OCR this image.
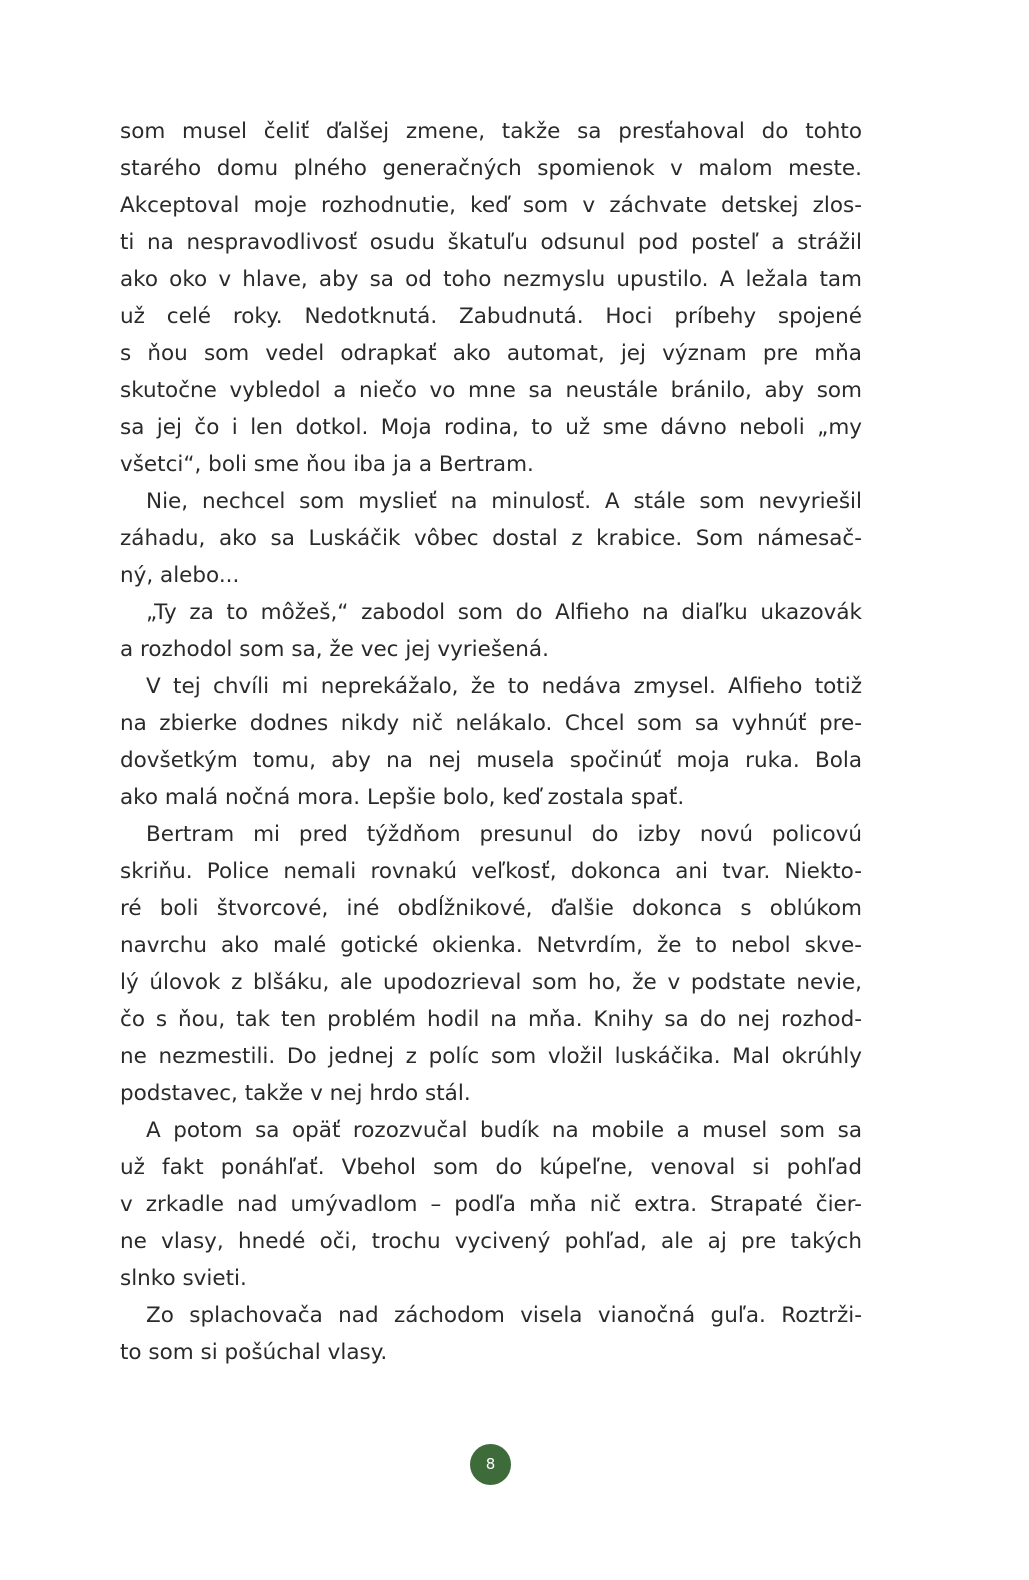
som musel čeliť ďalšej zmene, takže sa presťahoval do tohto
starého domu plného generačných spomienok v malom meste.
Akceptoval moje rozhodnutie, keď som v záchvate detskej zlos-
ti na nespravodlivosť osudu škatuľu odsunul pod posteľ a strážil
ako oko v hlave, aby sa od toho nezmyslu upustilo. A ležala tam
už celé roky. Nedotknutá. Zabudnutá. Hoci príbehy spojené
s ňou som vedel odrapkať ako automat, jej význam pre mňa
skutočne vybledol a niečo vo mne sa neustále bránilo, aby som
sa jej čo i len dotkol. Moja rodina, to už sme dávno neboli „my
všetci“, boli sme ňou iba ja a Bertram.
Nie, nechcel som myslieť na minulosť. A stále som nevyriešil
záhadu, ako sa Luskáčik vôbec dostal z krabice. Som námesač-
ný, alebo...
„Ty za to môžeš,“ zabodol som do Alfieho na diaľku ukazovák
a rozhodol som sa, že vec jej vyriešená.
V tej chvíli mi neprekážalo, že to nedáva zmysel. Alfieho totiž
na zbierke dodnes nikdy nič nelákalo. Chcel som sa vyhnúť pre-
dovšetkým tomu, aby na nej musela spočinúť moja ruka. Bola
ako malá nočná mora. Lepšie bolo, keď zostala spať.
Bertram mi pred týždňom presunul do izby novú policovú
skriňu. Police nemali rovnakú veľkosť, dokonca ani tvar. Niekto-
ré boli štvorcové, iné obdĺžnikové, ďalšie dokonca s oblúkom
navrchu ako malé gotické okienka. Netvrdím, že to nebol skve-
lý úlovok z blšáku, ale upodozrieval som ho, že v podstate nevie,
čo s ňou, tak ten problém hodil na mňa. Knihy sa do nej rozhod-
ne nezmestili. Do jednej z políc som vložil luskáčika. Mal okrúhly
podstavec, takže v nej hrdo stál.
A potom sa opäť rozozvučal budík na mobile a musel som sa
už fakt ponáhľať. Vbehol som do kúpeľne, venoval si pohľad
v zrkadle nad umývadlom – podľa mňa nič extra. Strapaté čier-
ne vlasy, hnedé oči, trochu vycivený pohľad, ale aj pre takých
slnko svieti.
Zo splachovača nad záchodom visela vianočná guľa. Roztrži-
to som si pošúchal vlasy.
8
